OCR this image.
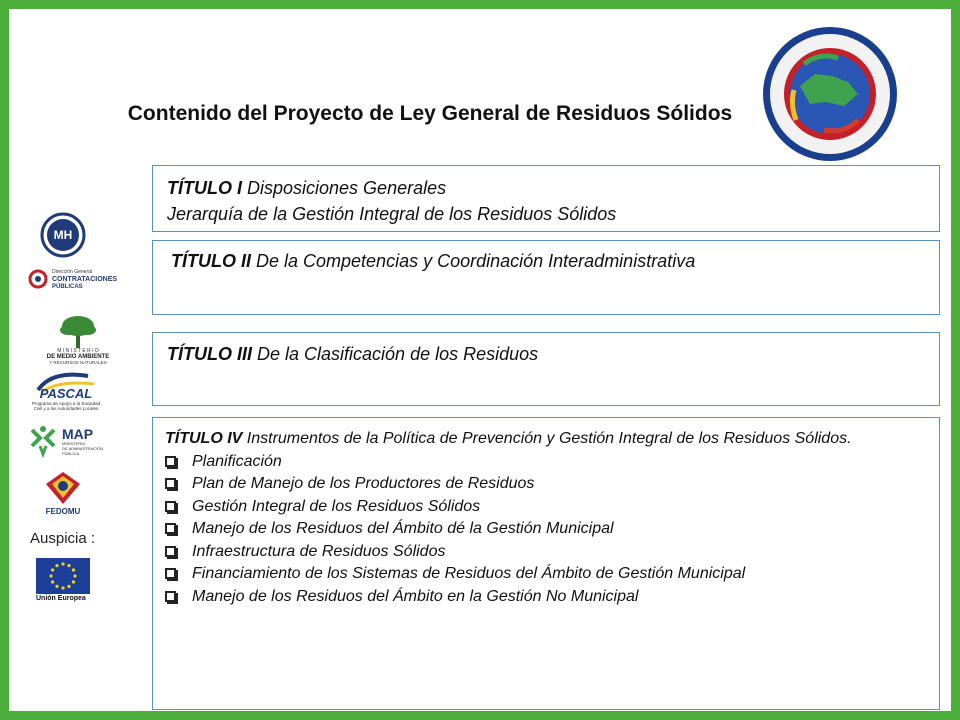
Contenido del Proyecto de Ley General de Residuos Sólidos
MH
Dirección General
CONTRATACIONES
PÚBLICAS
M I N I S T E R I O
DE MEDIO AMBIENTE
Y RECURSOS NATURALES
PASCAL
Programa de Apoyo a la Sociedad
Civil y a las Autoridades Locales
MAP
MINISTERIO
DE ADMINISTRACIÓN
PÚBLICA
FEDOMU
Auspicia :
Unión Europea
TÍTULO I Disposiciones Generales
Jerarquía de la Gestión Integral de los Residuos Sólidos
TÍTULO II De la Competencias y Coordinación Interadministrativa
TÍTULO III De la Clasificación de los Residuos
TÍTULO IV Instrumentos de la Política de Prevención y Gestión Integral de los Residuos Sólidos.
Planificación
Plan de Manejo de los Productores de Residuos
Gestión Integral de los Residuos Sólidos
Manejo de los Residuos del Ámbito dé la Gestión Municipal
Infraestructura de Residuos Sólidos
Financiamiento de los Sistemas de Residuos del Ámbito de Gestión Municipal
Manejo de los Residuos del Ámbito en la Gestión No Municipal
